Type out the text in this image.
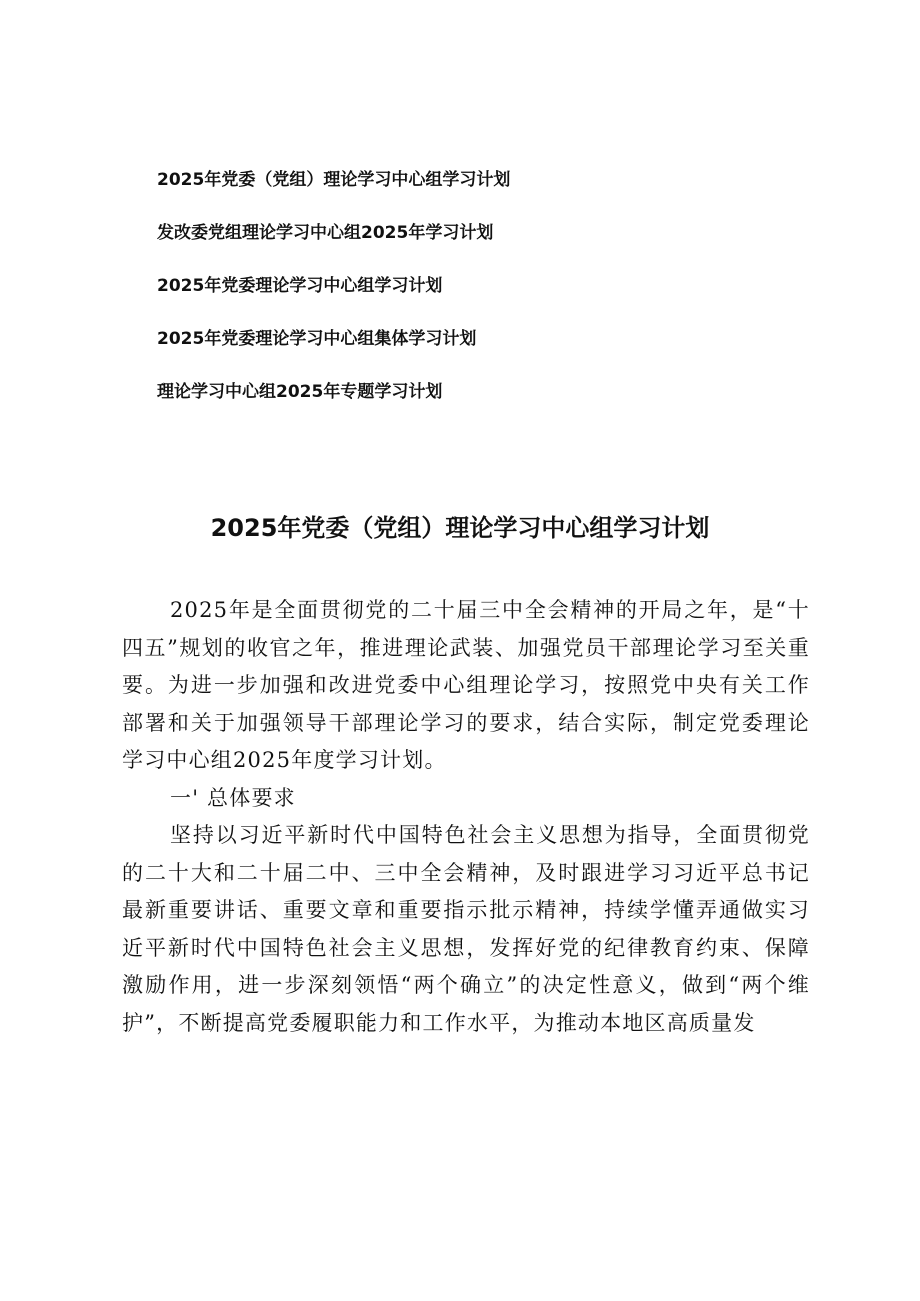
2025年党委（党组）理论学习中心组学习计划
发改委党组理论学习中心组2025年学习计划
2025年党委理论学习中心组学习计划
2025年党委理论学习中心组集体学习计划
理论学习中心组2025年专题学习计划
2025年党委（党组）理论学习中心组学习计划

2025年是全面贯彻党的二十届三中全会精神的开局之年，是“十四五”规划的收官之年，推进理论武装、加强党员干部理论学习至关重要。为进一步加强和改进党委中心组理论学习，按照党中央有关工作部署和关于加强领导干部理论学习的要求，结合实际，制定党委理论学习中心组2025年度学习计划。

一' 总体要求

坚持以习近平新时代中国特色社会主义思想为指导，全面贯彻党的二十大和二十届二中、三中全会精神，及时跟进学习习近平总书记最新重要讲话、重要文章和重要指示批示精神，持续学懂弄通做实习近平新时代中国特色社会主义思想，发挥好党的纪律教育约束、保障激励作用，进一步深刻领悟“两个确立”的决定性意义，做到“两个维护”，不断提高党委履职能力和工作水平，为推动本地区高质量发
